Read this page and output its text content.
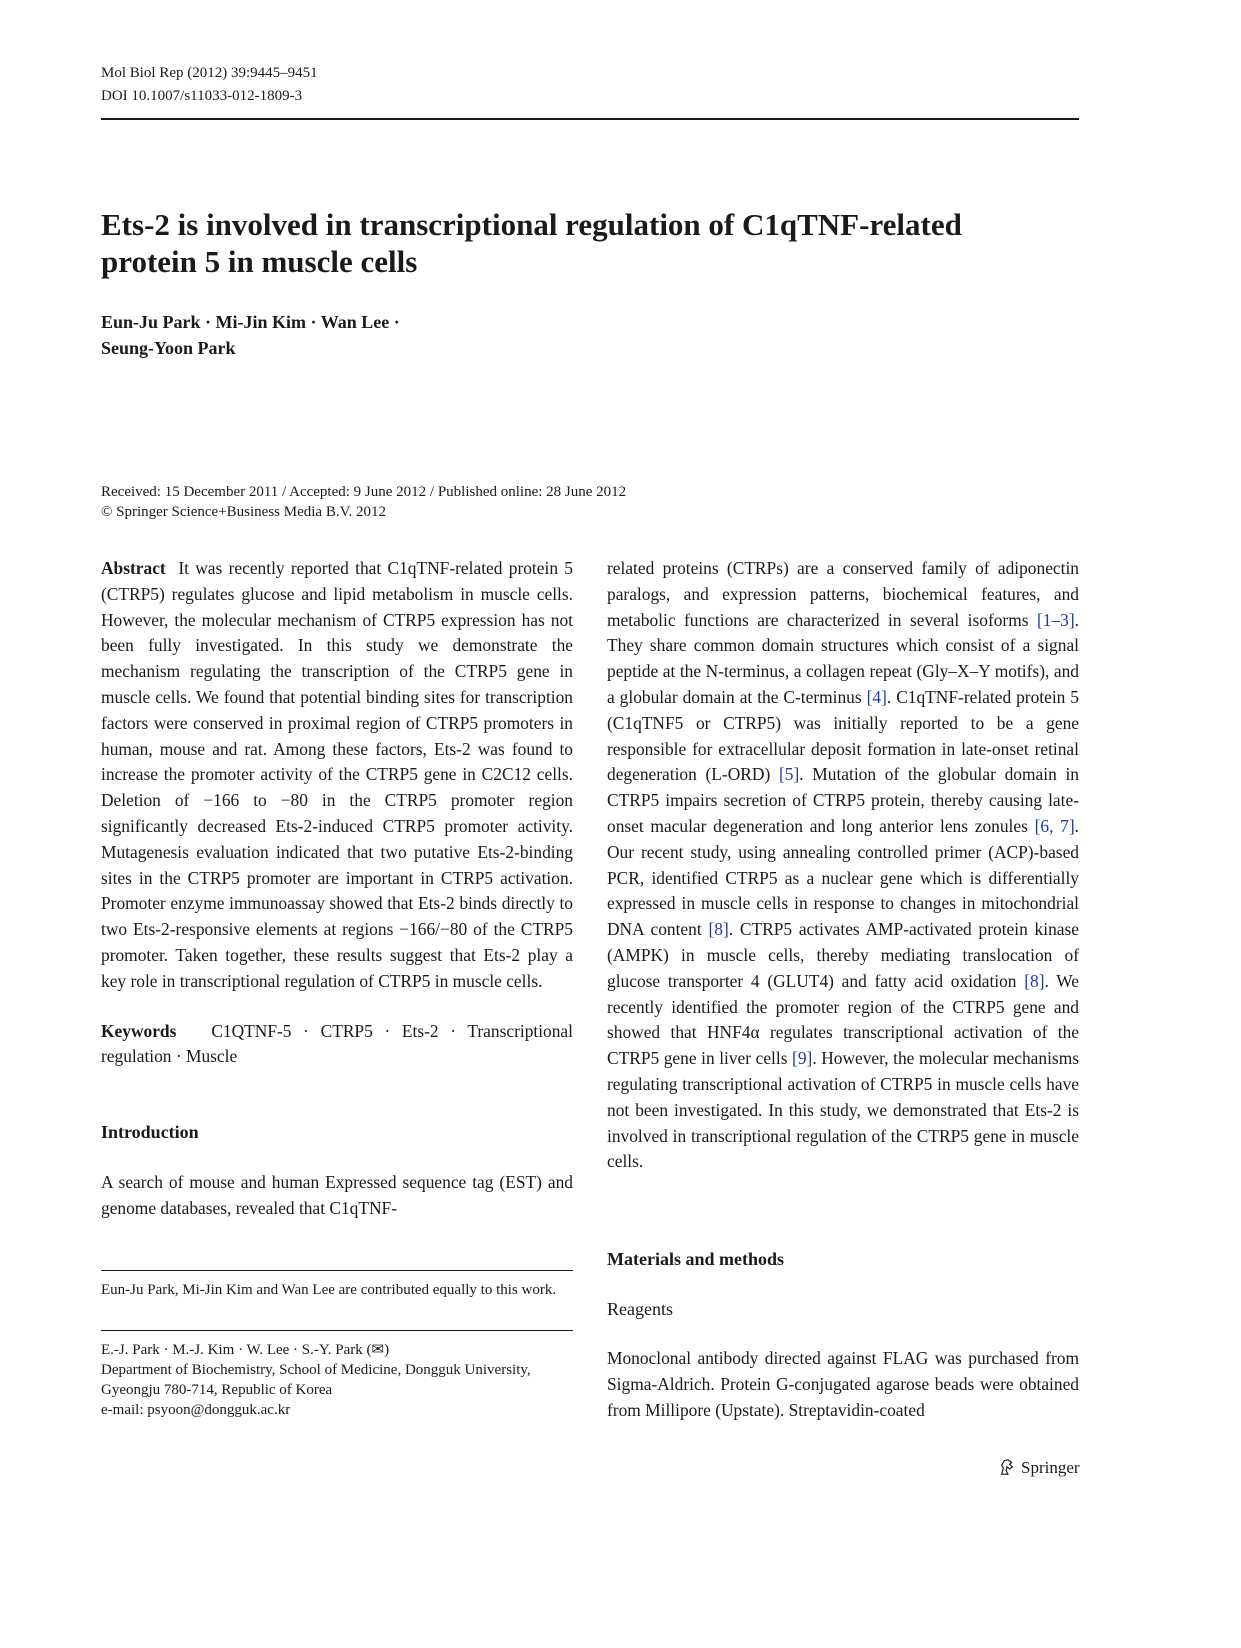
Mol Biol Rep (2012) 39:9445–9451
DOI 10.1007/s11033-012-1809-3
Ets-2 is involved in transcriptional regulation of C1qTNF-related
protein 5 in muscle cells
Eun-Ju Park · Mi-Jin Kim · Wan Lee ·
Seung-Yoon Park
Received: 15 December 2011 / Accepted: 9 June 2012 / Published online: 28 June 2012
© Springer Science+Business Media B.V. 2012

Abstract It was recently reported that C1qTNF-related protein 5 (CTRP5) regulates glucose and lipid metabolism in muscle cells. However, the molecular mechanism of CTRP5 expression has not been fully investigated. In this study we demonstrate the mechanism regulating the transcription of the CTRP5 gene in muscle cells. We found that potential binding sites for transcription factors were conserved in proximal region of CTRP5 promoters in human, mouse and rat. Among these factors, Ets-2 was found to increase the promoter activity of the CTRP5 gene in C2C12 cells. Deletion of −166 to −80 in the CTRP5 promoter region significantly decreased Ets-2-induced CTRP5 promoter activity. Mutagenesis evaluation indicated that two putative Ets-2-binding sites in the CTRP5 promoter are important in CTRP5 activation. Promoter enzyme immunoassay showed that Ets-2 binds directly to two Ets-2-responsive elements at regions −166/−80 of the CTRP5 promoter. Taken together, these results suggest that Ets-2 play a key role in transcriptional regulation of CTRP5 in muscle cells.

Keywords C1QTNF-5 · CTRP5 · Ets-2 · Transcriptional regulation · Muscle

Introduction

A search of mouse and human Expressed sequence tag (EST) and genome databases, revealed that C1qTNF-

Eun-Ju Park, Mi-Jin Kim and Wan Lee are contributed equally to this work.
E.-J. Park · M.-J. Kim · W. Lee · S.-Y. Park (✉)
Department of Biochemistry, School of Medicine, Dongguk University, Gyeongju 780-714, Republic of Korea
e-mail: psyoon@dongguk.ac.kr

related proteins (CTRPs) are a conserved family of adiponectin paralogs, and expression patterns, biochemical features, and metabolic functions are characterized in several isoforms [1–3]. They share common domain structures which consist of a signal peptide at the N-terminus, a collagen repeat (Gly–X–Y motifs), and a globular domain at the C-terminus [4]. C1qTNF-related protein 5 (C1qTNF5 or CTRP5) was initially reported to be a gene responsible for extracellular deposit formation in late-onset retinal degeneration (L-ORD) [5]. Mutation of the globular domain in CTRP5 impairs secretion of CTRP5 protein, thereby causing late-onset macular degeneration and long anterior lens zonules [6, 7]. Our recent study, using annealing controlled primer (ACP)-based PCR, identified CTRP5 as a nuclear gene which is differentially expressed in muscle cells in response to changes in mitochondrial DNA content [8]. CTRP5 activates AMP-activated protein kinase (AMPK) in muscle cells, thereby mediating translocation of glucose transporter 4 (GLUT4) and fatty acid oxidation [8]. We recently identified the promoter region of the CTRP5 gene and showed that HNF4α regulates transcriptional activation of the CTRP5 gene in liver cells [9]. However, the molecular mechanisms regulating transcriptional activation of CTRP5 in muscle cells have not been investigated. In this study, we demonstrated that Ets-2 is involved in transcriptional regulation of the CTRP5 gene in muscle cells.

Materials and methods
Reagents
Monoclonal antibody directed against FLAG was purchased from Sigma-Aldrich. Protein G-conjugated agarose beads were obtained from Millipore (Upstate). Streptavidin-coated
Springer
